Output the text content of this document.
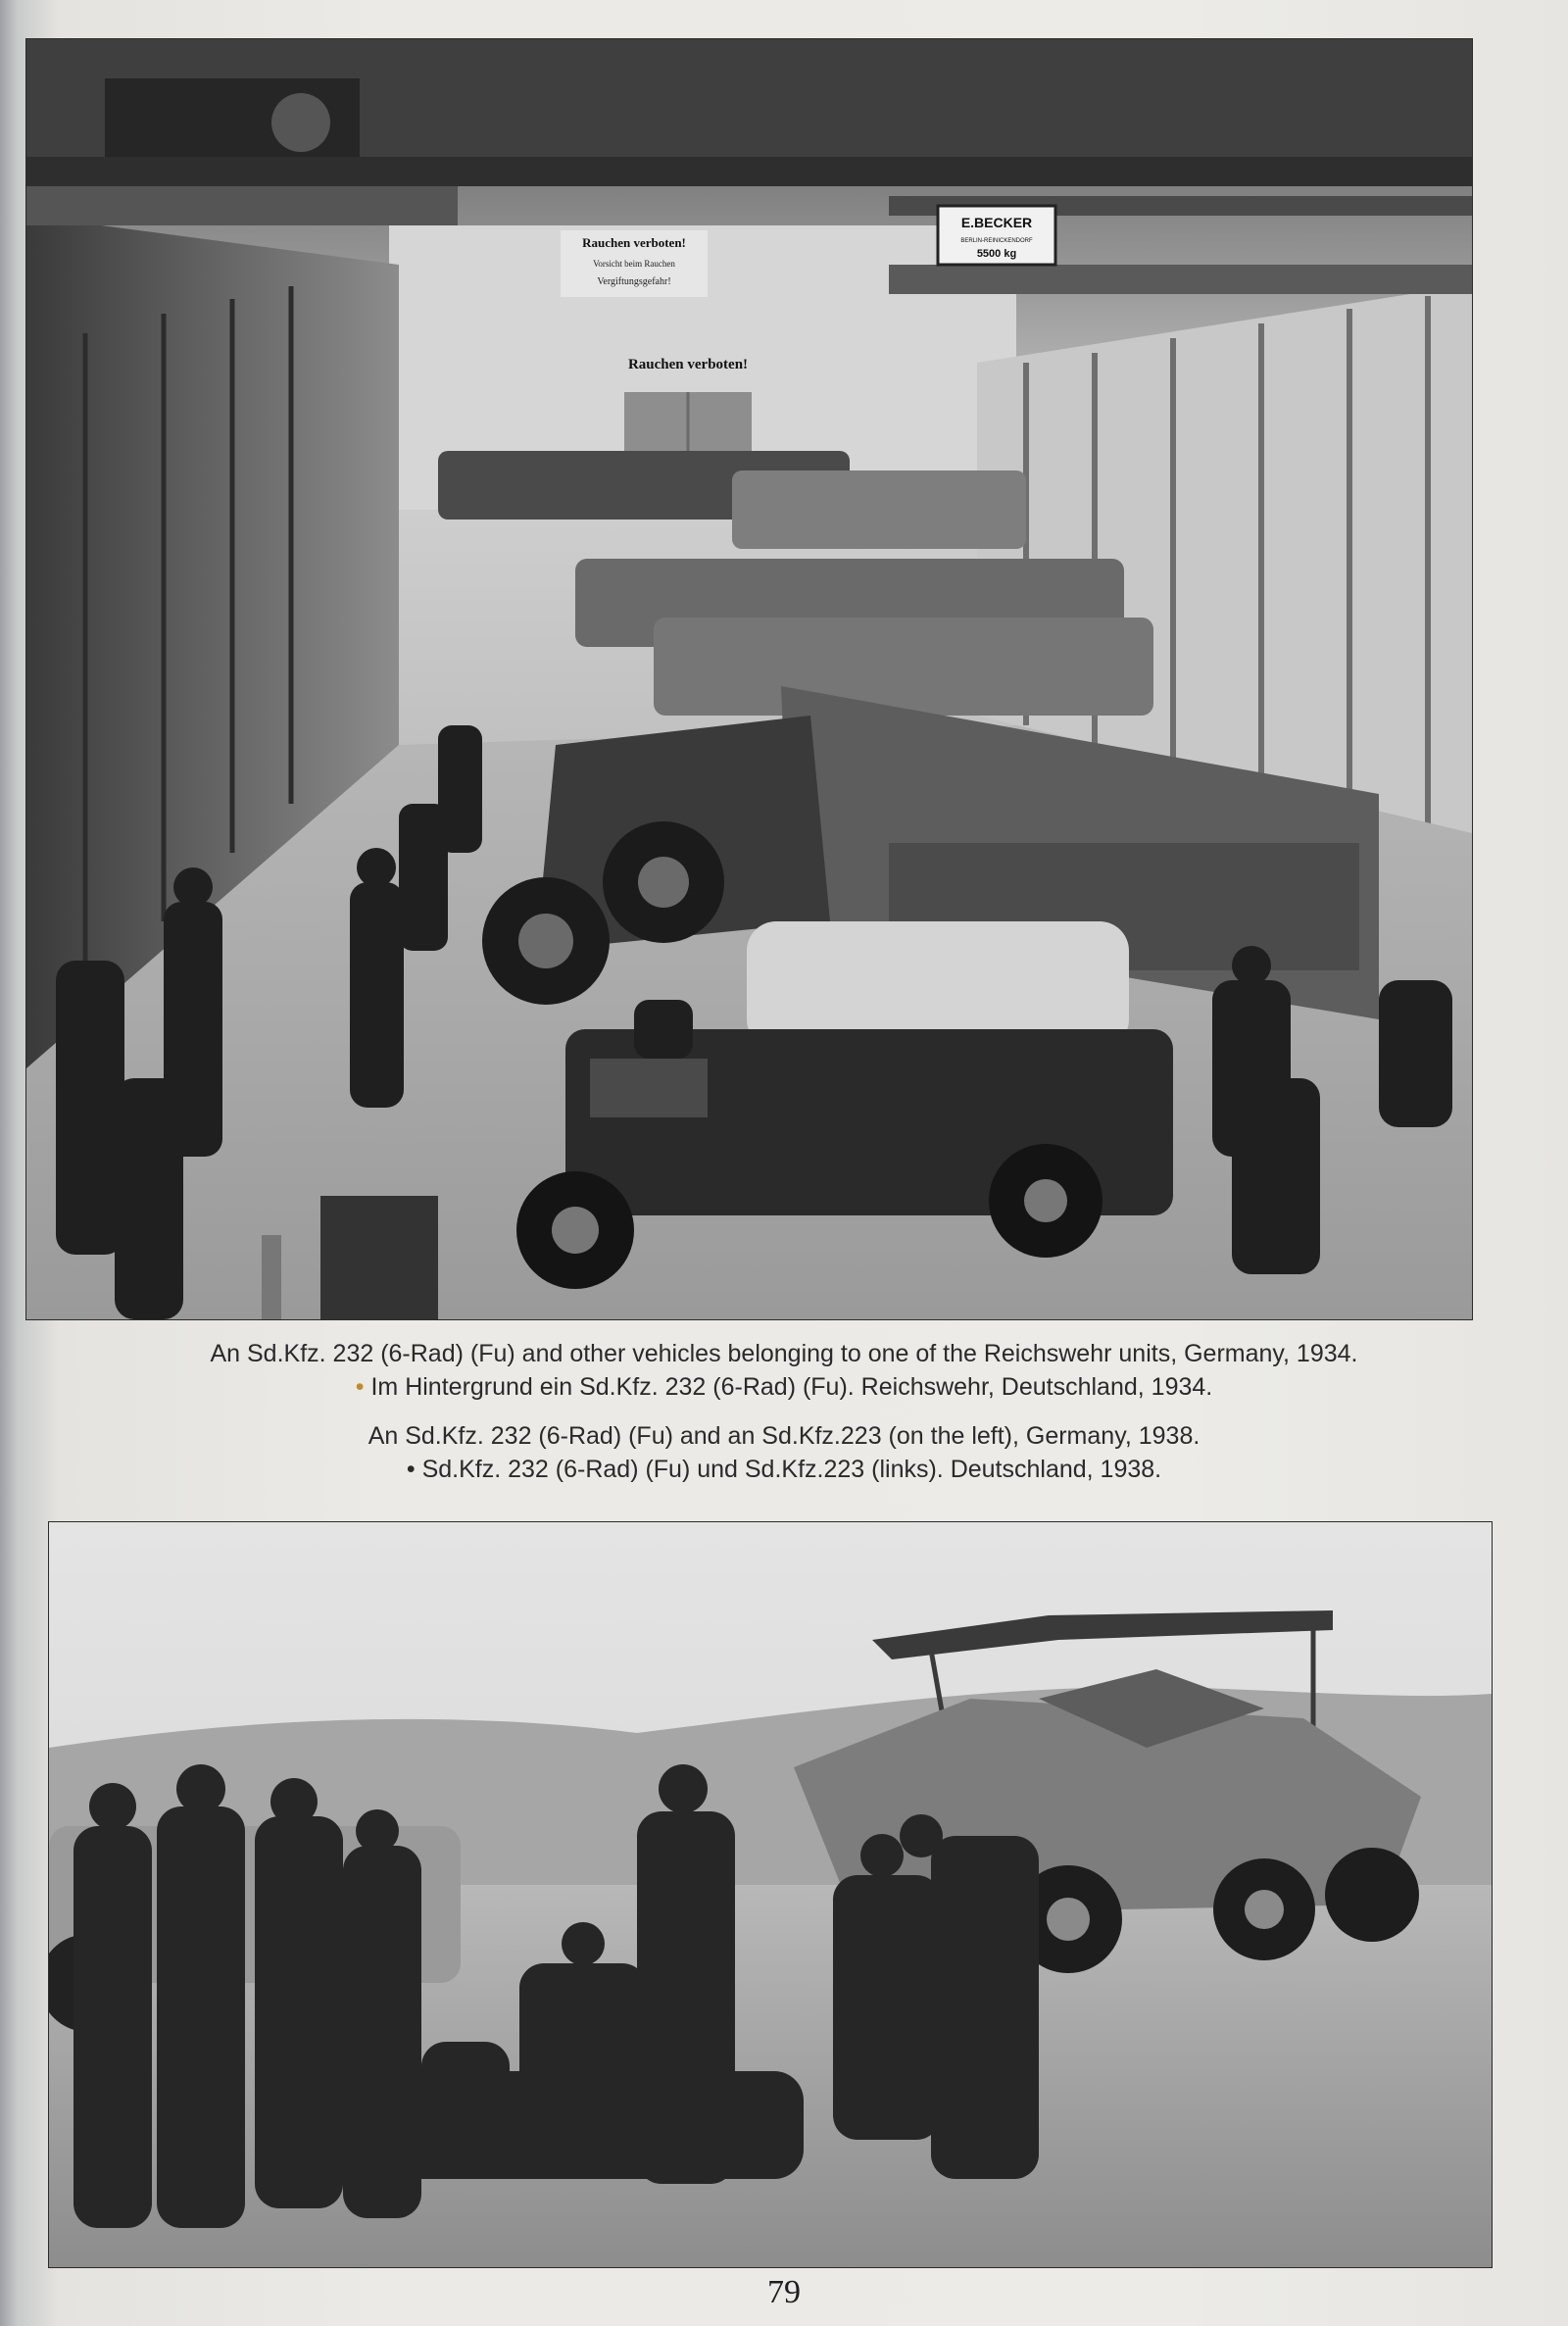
E.BECKER
BERLIN-REINICKENDORF
5500 kg
Rauchen verboten!
Vorsicht beim Rauchen
Vergiftungsgefahr!
Rauchen verboten!
An Sd.Kfz. 232 (6-Rad) (Fu) and other vehicles belonging to one of the Reichswehr units, Germany, 1934.
• Im Hintergrund ein Sd.Kfz. 232 (6-Rad) (Fu). Reichswehr, Deutschland, 1934.
An Sd.Kfz. 232 (6-Rad) (Fu) and an Sd.Kfz.223 (on the left), Germany, 1938.
• Sd.Kfz. 232 (6-Rad) (Fu) und Sd.Kfz.223 (links). Deutschland, 1938.
79
